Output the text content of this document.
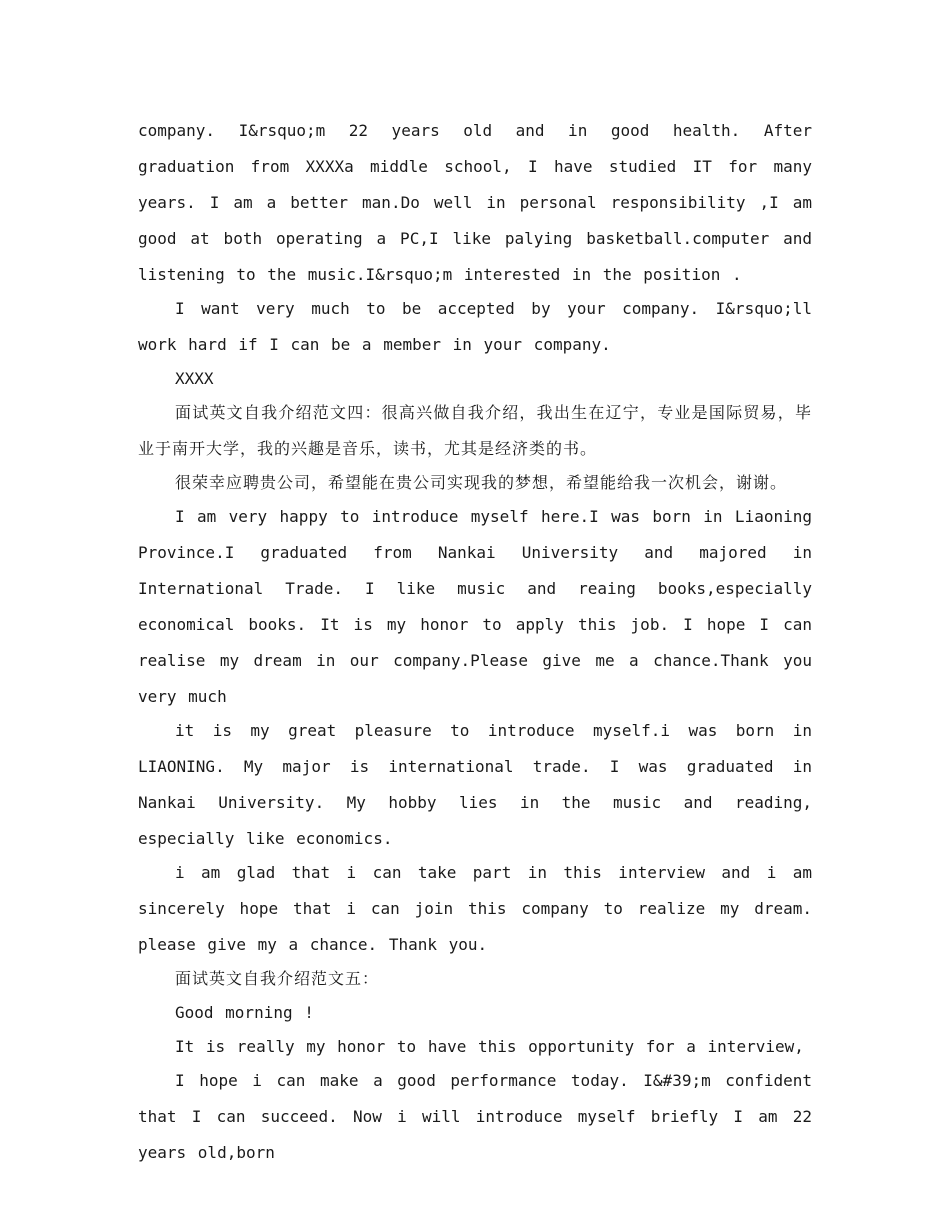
company. I&rsquo;m 22 years old and in good health. After graduation from XXXXa middle school, I have studied IT for many years. I am a better man.Do well in personal responsibility ,I am good at both operating a PC,I like palying basketball.computer and listening to the music.I&rsquo;m interested in the position .

I want very much to be accepted by your company. I&rsquo;ll work hard if I can be a member in your company.

XXXX

面试英文自我介绍范文四：很高兴做自我介绍，我出生在辽宁，专业是国际贸易，毕业于南开大学，我的兴趣是音乐，读书，尤其是经济类的书。

很荣幸应聘贵公司，希望能在贵公司实现我的梦想，希望能给我一次机会，谢谢。

I am very happy to introduce myself here.I was born in Liaoning Province.I graduated from Nankai University and majored in International Trade. I like music and reaing books,especially economical books. It is my honor to apply this job. I hope I can realise my dream in our company.Please give me a chance.Thank you very much

it is my great pleasure to introduce myself.i was born in LIAONING. My major is international trade. I was graduated in Nankai University. My hobby lies in the music and reading, especially like economics.

i am glad that i can take part in this interview and i am sincerely hope that i can join this company to realize my dream. please give my a chance. Thank you.

面试英文自我介绍范文五：

Good morning !

It is really my honor to have this opportunity for a interview,

I hope i can make a good performance today. I&#39;m confident that I can succeed. Now i will introduce myself briefly I am 22 years old,born
